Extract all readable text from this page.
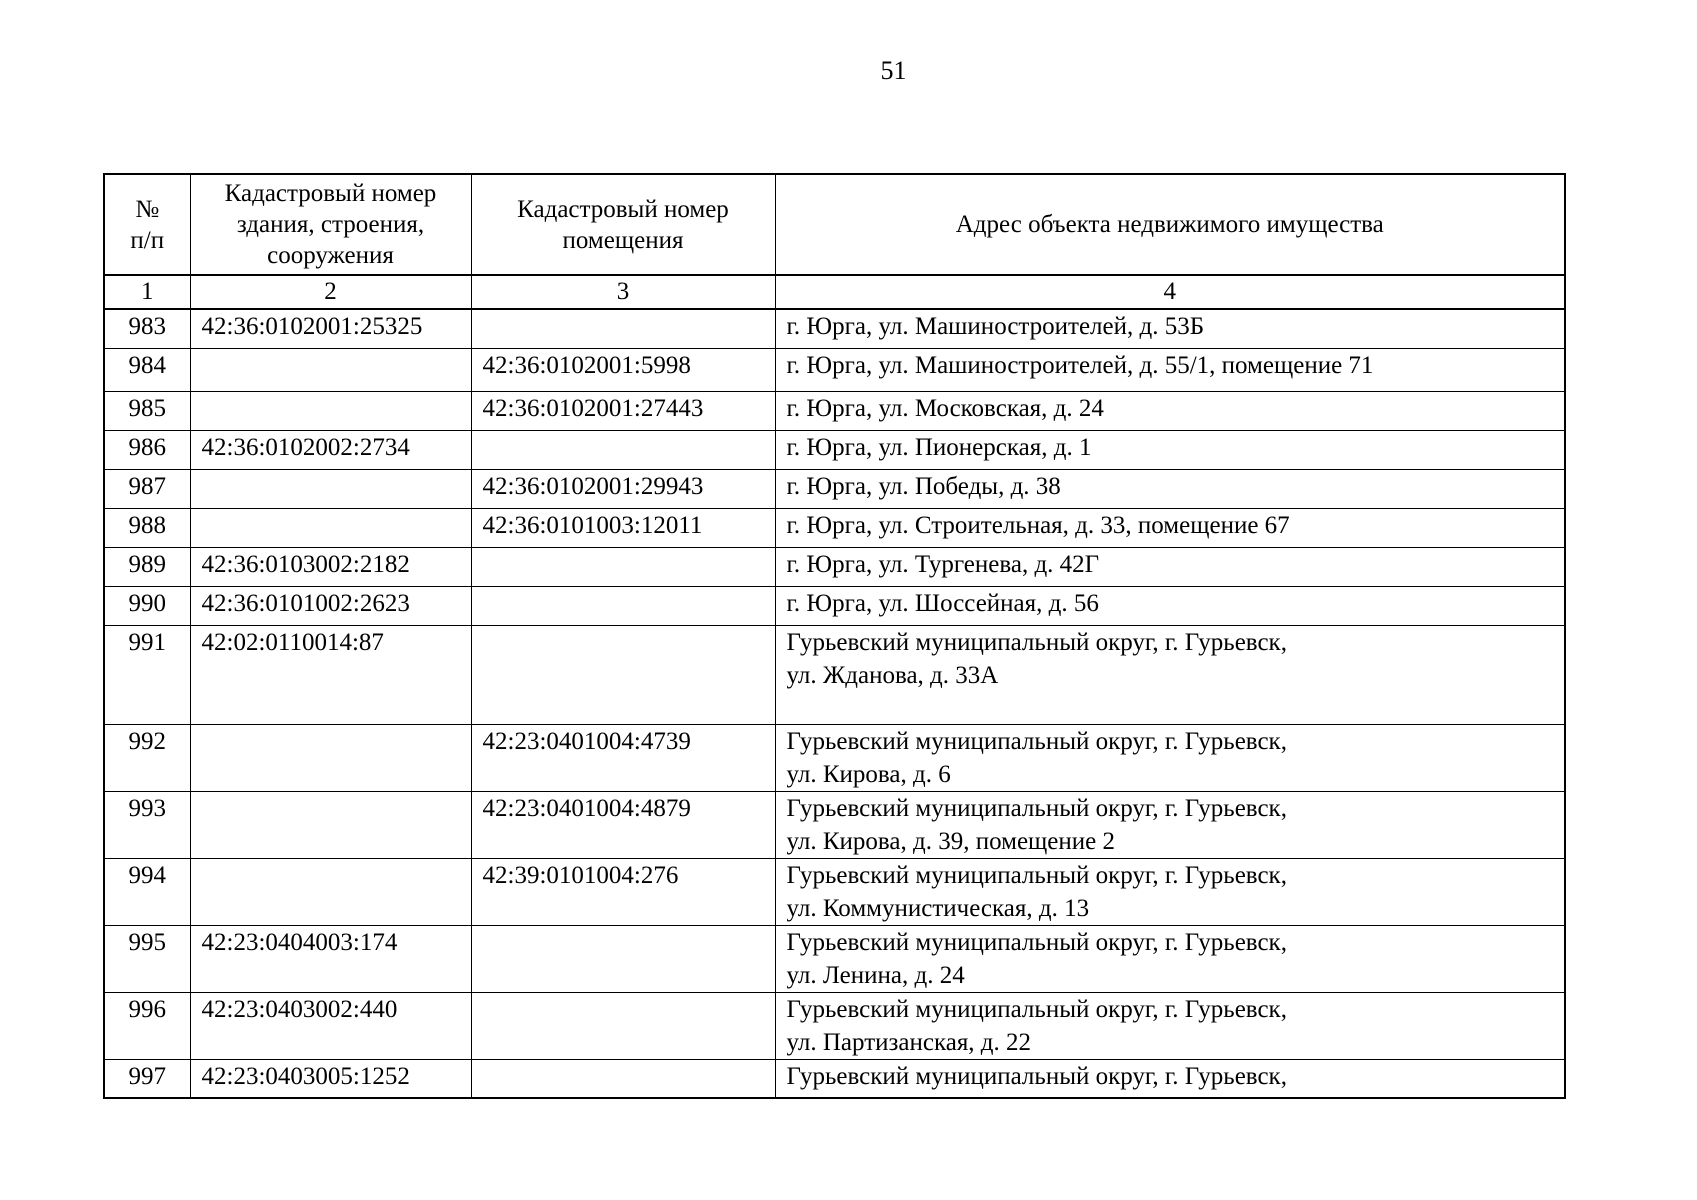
51
№
п/п	Кадастровый номер
здания, строения,
сооружения	Кадастровый номер
помещения	Адрес объекта недвижимого имущества

1	2	3	4
983	42:36:0102001:25325		г. Юрга, ул. Машиностроителей, д. 53Б

984		42:36:0102001:5998	г. Юрга, ул. Машиностроителей, д. 55/1, помещение 71

985		42:36:0102001:27443	г. Юрга, ул. Московская, д. 24

986	42:36:0102002:2734		г. Юрга, ул. Пионерская, д. 1

987		42:36:0102001:29943	г. Юрга, ул. Победы, д. 38

988		42:36:0101003:12011	г. Юрга, ул. Строительная, д. 33, помещение 67

989	42:36:0103002:2182		г. Юрга, ул. Тургенева, д. 42Г

990	42:36:0101002:2623		г. Юрга, ул. Шоссейная, д. 56

991	42:02:0110014:87		Гурьевский муниципальный округ, г. Гурьевск,
ул. Жданова, д. 33А

992		42:23:0401004:4739	Гурьевский муниципальный округ, г. Гурьевск,
ул. Кирова, д. 6

993		42:23:0401004:4879	Гурьевский муниципальный округ, г. Гурьевск,
ул. Кирова, д. 39, помещение 2

994		42:39:0101004:276	Гурьевский муниципальный округ, г. Гурьевск,
ул. Коммунистическая, д. 13

995	42:23:0404003:174		Гурьевский муниципальный округ, г. Гурьевск,
ул. Ленина, д. 24

996	42:23:0403002:440		Гурьевский муниципальный округ, г. Гурьевск,
ул. Партизанская, д. 22

997	42:23:0403005:1252		Гурьевский муниципальный округ, г. Гурьевск,
